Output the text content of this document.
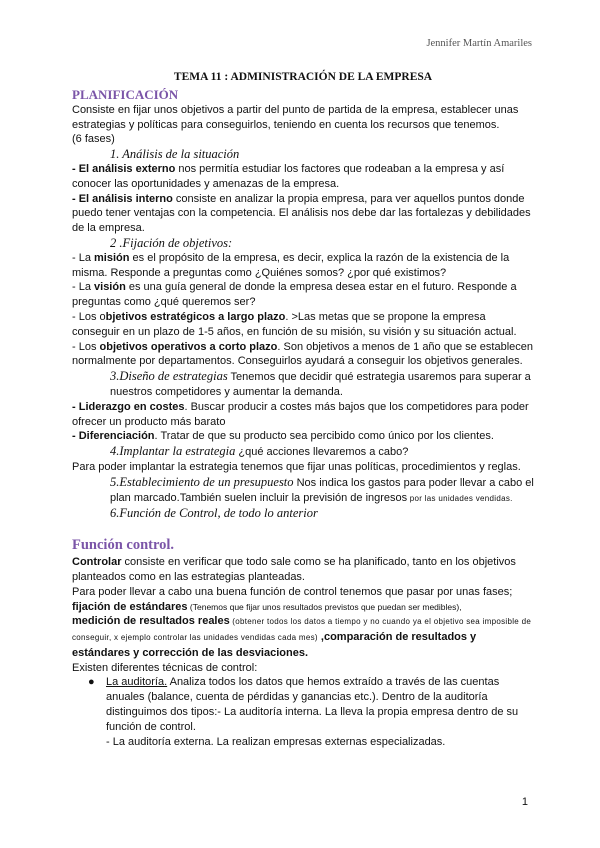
Jennifer Martín Amariles

TEMA 11 : ADMINISTRACIÓN DE LA EMPRESA

PLANIFICACIÓN

Consiste en fijar unos objetivos a partir del punto de partida de la empresa, establecer unas estrategias y políticas para conseguirlos, teniendo en cuenta los recursos que tenemos.
(6 fases)

1. Análisis de la situación

- El análisis externo nos permitía estudiar los factores que rodeaban a la empresa y así conocer las oportunidades y amenazas de la empresa.

- El análisis interno consiste en analizar la propia empresa, para ver aquellos puntos donde puedo tener ventajas con la competencia. El análisis nos debe dar las fortalezas y debilidades de la empresa.

2 .Fijación de objetivos:

- La misión es el propósito de la empresa, es decir, explica la razón de la existencia de la misma. Responde a preguntas como ¿Quiénes somos? ¿por qué existimos?

- La visión es una guía general de donde la empresa desea estar en el futuro. Responde a preguntas como ¿qué queremos ser?

- Los objetivos estratégicos a largo plazo. >Las metas que se propone la empresa conseguir en un plazo de 1-5 años, en función de su misión, su visión y su situación actual.

- Los objetivos operativos a corto plazo. Son objetivos a menos de 1 año que se establecen normalmente por departamentos. Conseguirlos ayudará a conseguir los objetivos generales.

3.Diseño de estrategias Tenemos que decidir qué estrategia usaremos para superar a nuestros competidores y aumentar la demanda.

- Liderazgo en costes. Buscar producir a costes más bajos que los competidores para poder ofrecer un producto más barato

- Diferenciación. Tratar de que su producto sea percibido como único por los clientes.

4.Implantar la estrategia ¿qué acciones llevaremos a cabo?

Para poder implantar la estrategia tenemos que fijar unas políticas, procedimientos y reglas.

5.Establecimiento de un presupuesto Nos indica los gastos para poder llevar a cabo el plan marcado.También suelen incluir la previsión de ingresos por las unidades vendidas.

6.Función de Control, de todo lo anterior

Función control.

Controlar consiste en verificar que todo sale como se ha planificado, tanto en los objetivos planteados como en las estrategias planteadas.

Para poder llevar a cabo una buena función de control tenemos que pasar por unas fases;

fijación de estándares (Tenemos que fijar unos resultados previstos que puedan ser medibles),
medición de resultados reales (obtener todos los datos a tiempo y no cuando ya el objetivo sea imposible de conseguir, x ejemplo controlar las unidades vendidas cada mes) ,comparación de resultados y estándares y corrección de las desviaciones.

Existen diferentes técnicas de control:

● La auditoría. Analiza todos los datos que hemos extraído a través de las cuentas anuales (balance, cuenta de pérdidas y ganancias etc.). Dentro de la auditoría distinguimos dos tipos:- La auditoría interna. La lleva la propia empresa dentro de su función de control.
- La auditoría externa. La realizan empresas externas especializadas.
1
